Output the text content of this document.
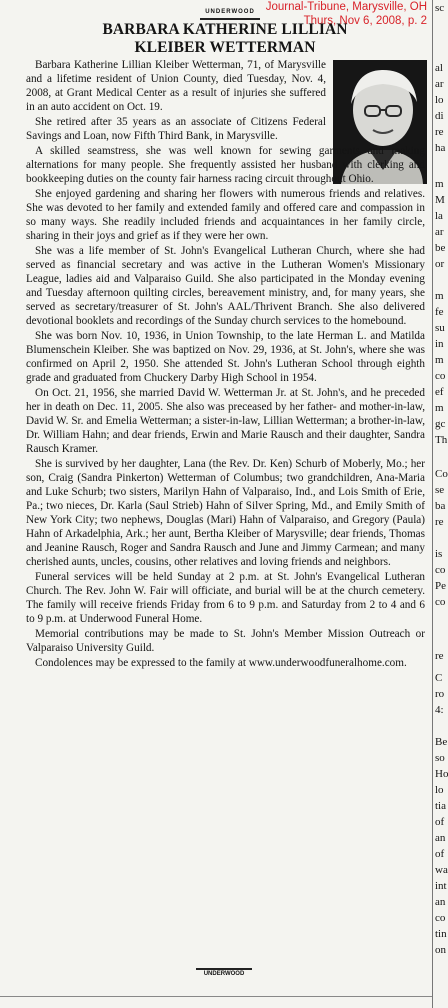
UNDERWOOD Journal-Tribune, Marysville, OH
Thurs, Nov 6, 2008, p. 2
BARBARA KATHERINE LILLIAN
KLEIBER WETTERMAN

Barbara Katherine Lillian Kleiber Wetterman, 71, of Marysville and a lifetime resident of Union County, died Tuesday, Nov. 4, 2008, at Grant Medical Center as a result of injuries she suffered in an auto accident on Oct. 19.

She retired after 35 years as an associate of Citizens Federal Savings and Loan, now Fifth Third Bank, in Marysville.

A skilled seamstress, she was well known for sewing garments and making alternations for many people. She frequently assisted her husband with clerking and bookkeeping duties on the county fair harness racing circuit throughout Ohio.

She enjoyed gardening and sharing her flowers with numerous friends and relatives. She was devoted to her family and extended family and offered care and compassion in so many ways. She readily included friends and acquaintances in her family circle, sharing in their joys and grief as if they were her own.

She was a life member of St. John's Evangelical Lutheran Church, where she had served as financial secretary and was active in the Lutheran Women's Missionary League, ladies aid and Valparaiso Guild. She also participated in the Monday evening and Tuesday afternoon quilting circles, bereavement ministry, and, for many years, she served as secretary/treasurer of St. John's AAL/Thrivent Branch. She also delivered devotional booklets and recordings of the Sunday church services to the homebound.

She was born Nov. 10, 1936, in Union Township, to the late Herman L. and Matilda Blumenschein Kleiber. She was baptized on Nov. 29, 1936, at St. John's, where she was confirmed on April 2, 1950. She attended St. John's Lutheran School through eighth grade and graduated from Chuckery Darby High School in 1954.

On Oct. 21, 1956, she married David W. Wetterman Jr. at St. John's, and he preceded her in death on Dec. 11, 2005. She also was preceased by her father- and mother-in-law, David W. Sr. and Emelia Wetterman; a sister-in-law, Lillian Wetterman; a brother-in-law, Dr. William Hahn; and dear friends, Erwin and Marie Rausch and their daughter, Sandra Rausch Kramer.

She is survived by her daughter, Lana (the Rev. Dr. Ken) Schurb of Moberly, Mo.; her son, Craig (Sandra Pinkerton) Wetterman of Columbus; two grandchildren, Ana-Maria and Luke Schurb; two sisters, Marilyn Hahn of Valparaiso, Ind., and Lois Smith of Erie, Pa.; two nieces, Dr. Karla (Saul Strieb) Hahn of Silver Spring, Md., and Emily Smith of New York City; two nephews, Douglas (Mari) Hahn of Valparaiso, and Gregory (Paula) Hahn of Arkadelphia, Ark.; her aunt, Bertha Kleiber of Marysville; dear friends, Thomas and Jeanine Rausch, Roger and Sandra Rausch and June and Jimmy Carmean; and many cherished aunts, uncles, cousins, other relatives and loving friends and neighbors.

Funeral services will be held Sunday at 2 p.m. at St. John's Evangelical Lutheran Church. The Rev. John W. Fair will officiate, and burial will be at the church cemetery. The family will receive friends Friday from 6 to 9 p.m. and Saturday from 2 to 4 and 6 to 9 p.m. at Underwood Funeral Home.

Memorial contributions may be made to St. John's Member Mission Outreach or Valparaiso University Guild.

Condolences may be expressed to the family at www.underwoodfuneralhome.com.

UNDERWOOD
sc
al
ar
lo
di
re
ha
m
M
la
ar
be
or
m
fe
su
in
m
co
ef
m
gc
Th
Co
se
ba
re
is
co
Pe
co
re
C
ro
4:
Be
so
Ho
lo
tia
of
an
of
wa
int
an
co
tin
on
